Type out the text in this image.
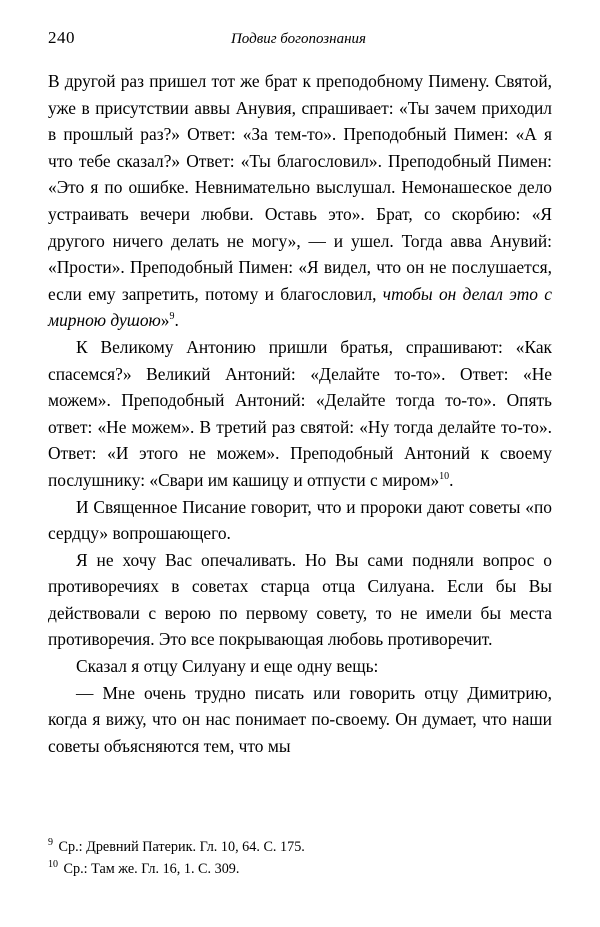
240	Подвиг богопознания

В другой раз пришел тот же брат к преподобному Пимену. Святой, уже в присутствии аввы Анувия, спрашивает: «Ты зачем приходил в прошлый раз?» Ответ: «За тем-то». Преподобный Пимен: «А я что тебе сказал?» Ответ: «Ты благословил». Преподобный Пимен: «Это я по ошибке. Невнимательно выслушал. Немонашеское дело устраивать вечери любви. Оставь это». Брат, со скорбию: «Я другого ничего делать не могу», — и ушел. Тогда авва Анувий: «Прости». Преподобный Пимен: «Я видел, что он не послушается, если ему запретить, потому и благословил, чтобы он делал это с мирною душою»$^9$.

К Великому Антонию пришли братья, спрашивают: «Как спасемся?» Великий Антоний: «Делайте то-то». Ответ: «Не можем». Преподобный Антоний: «Делайте тогда то-то». Опять ответ: «Не можем». В третий раз святой: «Ну тогда делайте то-то». Ответ: «И этого не можем». Преподобный Антоний к своему послушнику: «Свари им кашицу и отпусти с миром»$^{10}$.

И Священное Писание говорит, что и пророки дают советы «по сердцу» вопрошающего.

Я не хочу Вас опечаливать. Но Вы сами подняли вопрос о противоречиях в советах старца отца Силуана. Если бы Вы действовали с верою по первому совету, то не имели бы места противоречия. Это все покрывающая любовь противоречит.

Сказал я отцу Силуану и еще одну вещь:

— Мне очень трудно писать или говорить отцу Димитрию, когда я вижу, что он нас понимает по-своему. Он думает, что наши советы объясняются тем, что мы

$^9$ Ср.: Древний Патерик. Гл. 10, 64. С. 175.

$^{10}$ Ср.: Там же. Гл. 16, 1. С. 309.
